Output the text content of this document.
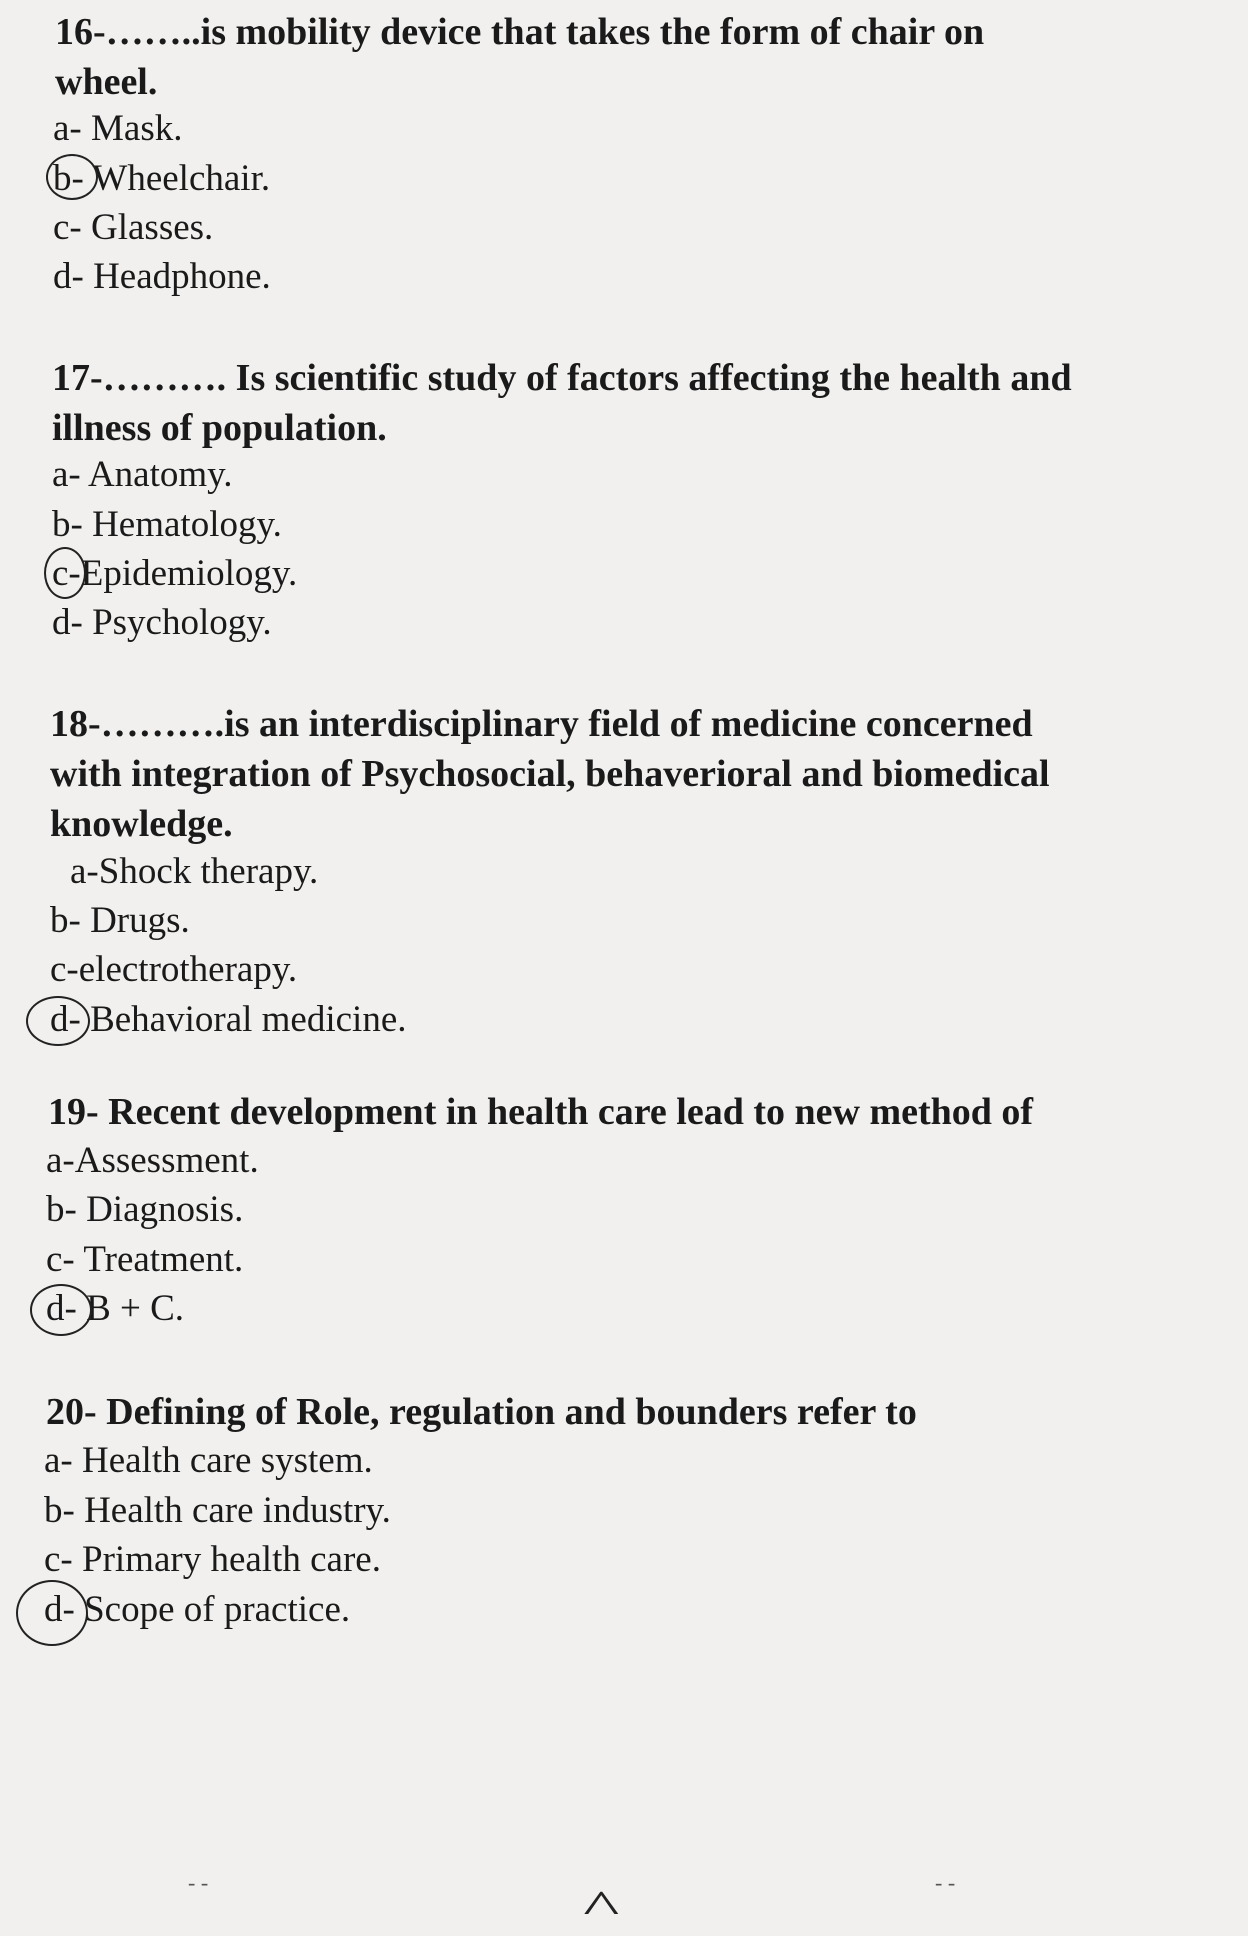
16-……..is mobility device that takes the form of chair on

wheel.

a- Mask.

b- Wheelchair.

c- Glasses.

d- Headphone.

17-………. Is scientific study of factors affecting the health and

illness of population.

a- Anatomy.

b- Hematology.

c-Epidemiology.

d- Psychology.

18-……….is an interdisciplinary field of medicine concerned

with integration of Psychosocial, behaverioral and biomedical

knowledge.

a-Shock therapy.

b- Drugs.

c-electrotherapy.

d- Behavioral medicine.

19- Recent development in health care lead to new method of

a-Assessment.

b- Diagnosis.

c- Treatment.

d- B + C.

20- Defining of Role, regulation and bounders refer to

a- Health care system.

b- Health care industry.

c- Primary health care.

d- Scope of practice.

- -	^	- -
